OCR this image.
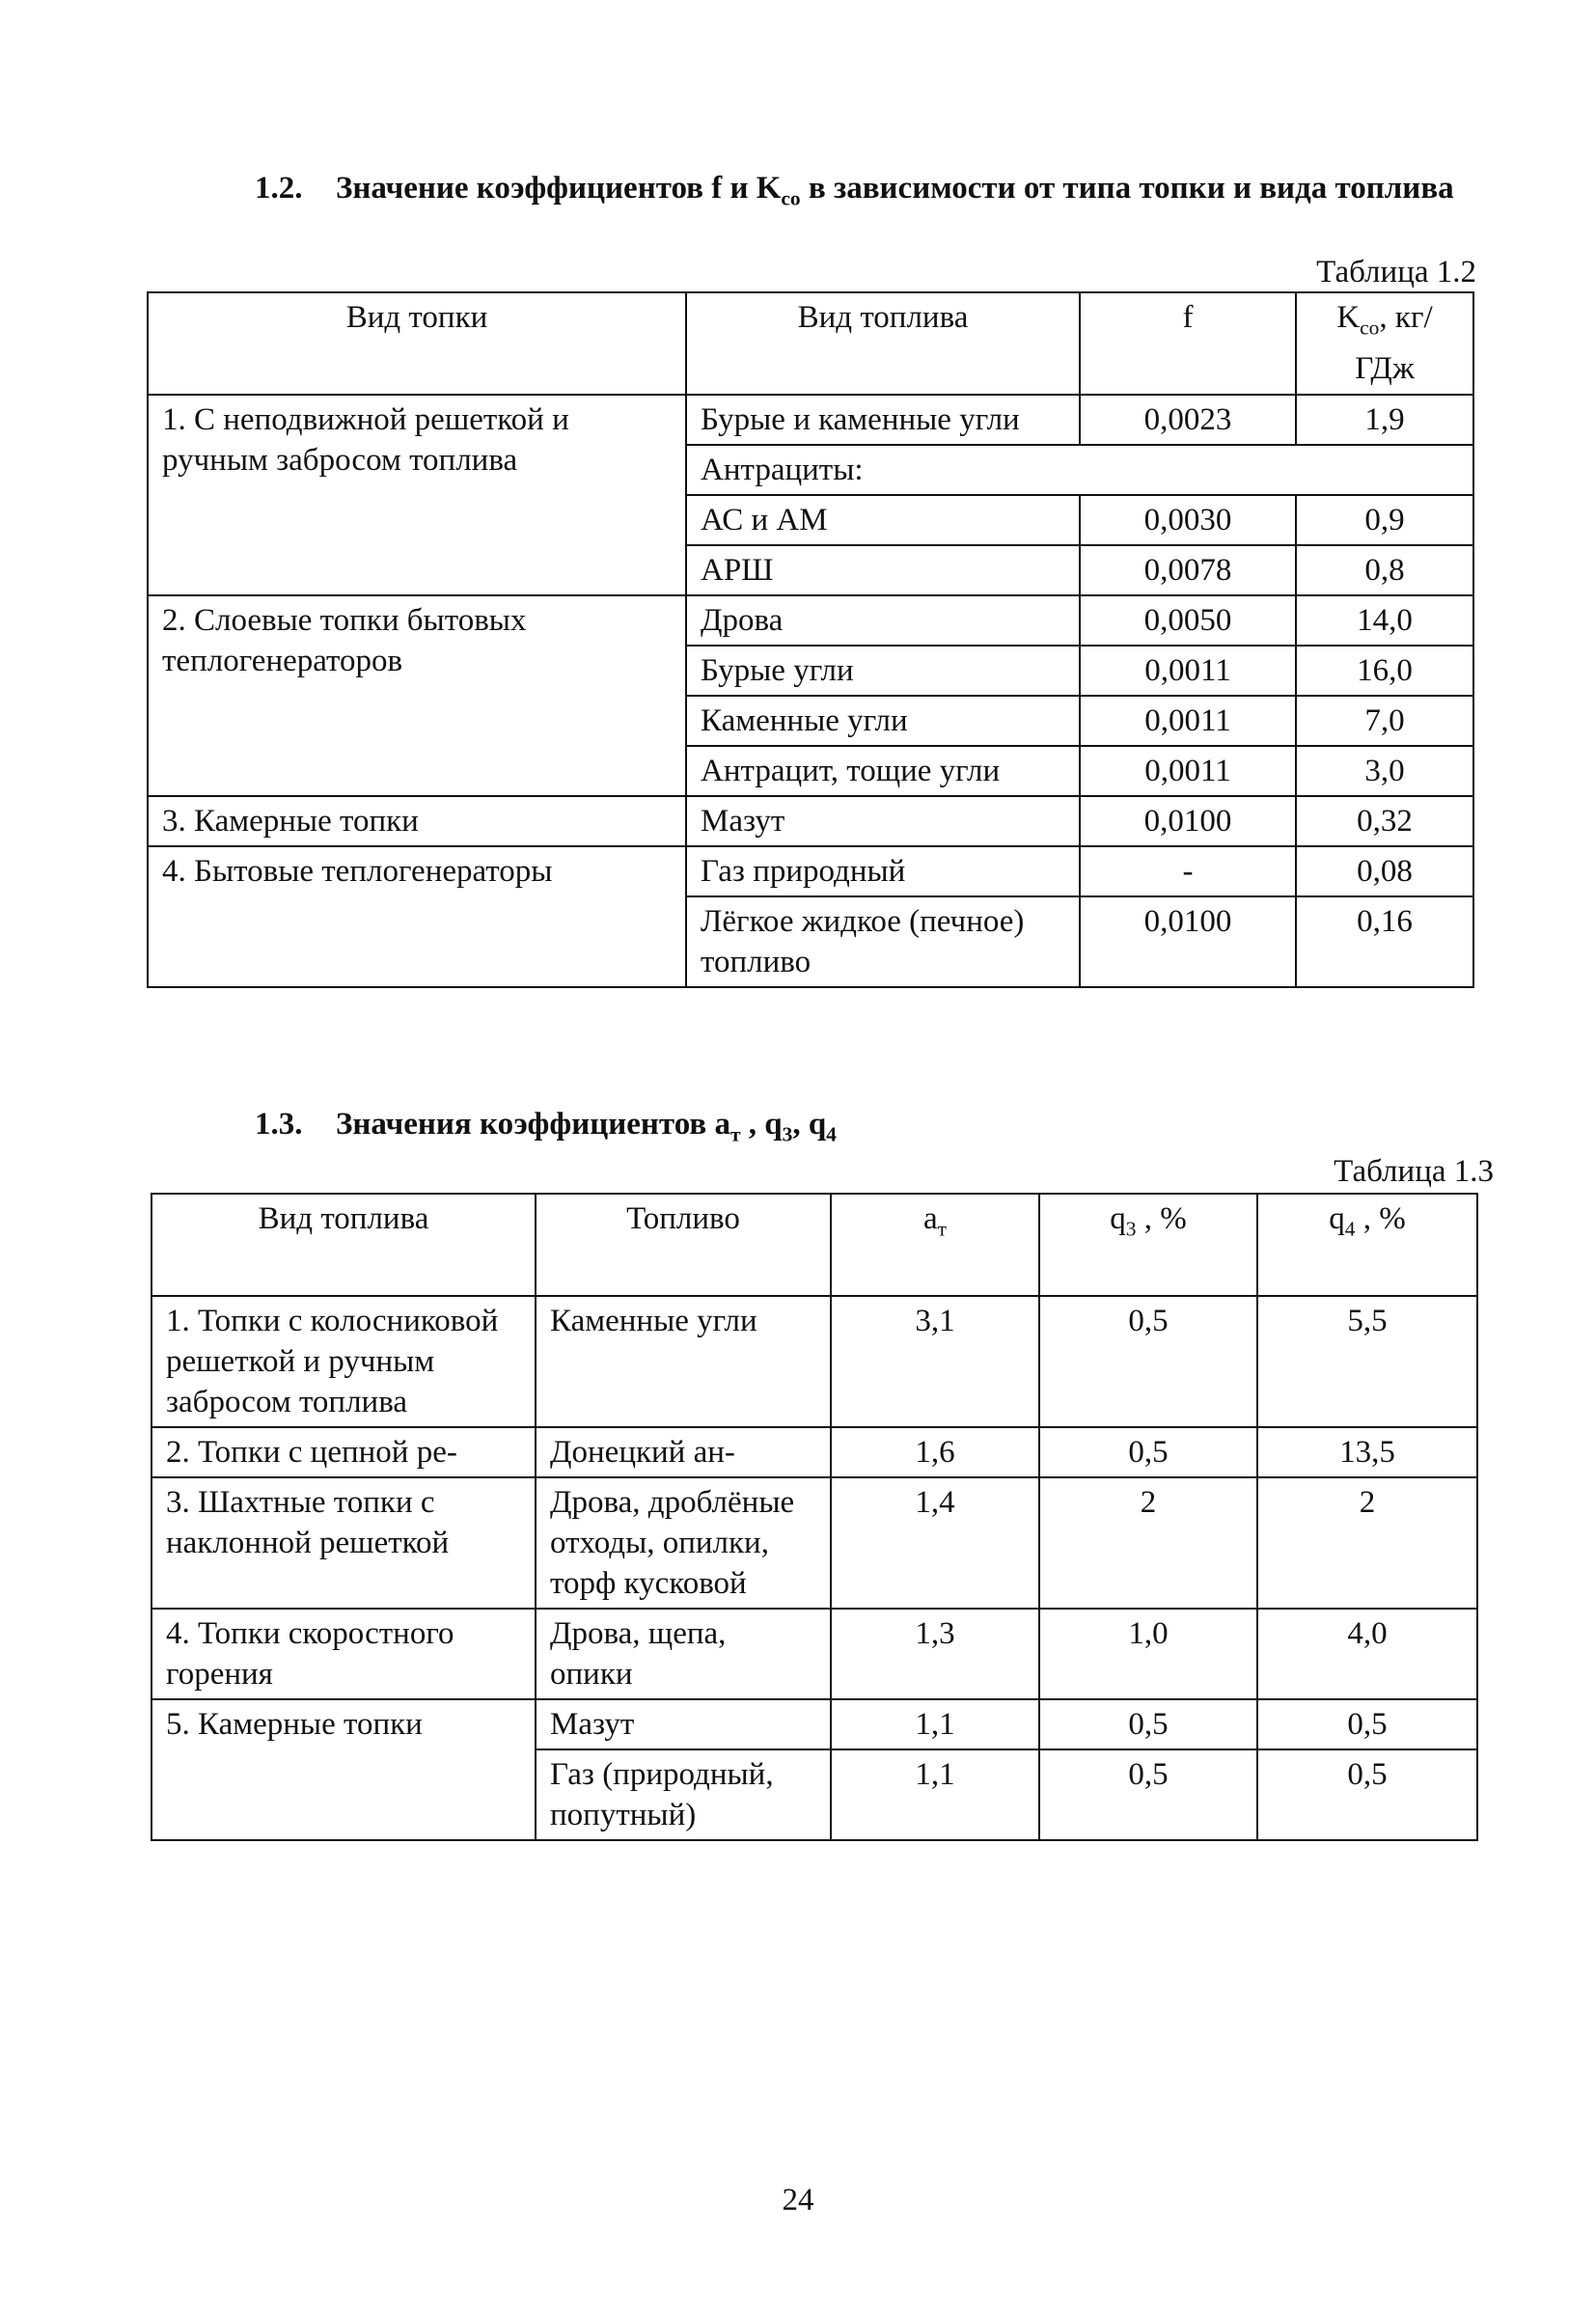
1.2. Значение коэффициентов f и $K_{co}$ в зависимости от типа топки и вида топлива

Таблица 1.2
Вид топки	Вид топлива	f	$K_{co}$, кг/ГДж
1. С неподвижной решеткой и ручным забросом топлива	Бурые и каменные угли	0,0023	1,9
	Антрациты:		
	АС и АМ	0,0030	0,9
	АРШ	0,0078	0,8
2. Слоевые топки бытовых теплогенераторов	Дрова	0,0050	14,0
	Бурые угли	0,0011	16,0
	Каменные угли	0,0011	7,0
	Антрацит, тощие угли	0,0011	3,0
3. Камерные топки	Мазут	0,0100	0,32
4. Бытовые теплогенераторы	Газ природный	-	0,08
	Лёгкое жидкое (печное) топливо	0,0100	0,16

1.3. Значения коэффициентов $a_т$ , $q_3$, $q_4$

Таблица 1.3
Вид топлива	Топливо	$a_т$	$q_3$ , %	$q_4$ , %
1. Топки с колосниковой решеткой и ручным забросом топлива	Каменные угли	3,1	0,5	5,5
2. Топки с цепной ре-	Донецкий ан-	1,6	0,5	13,5
3. Шахтные топки с наклонной решеткой	Дрова, дроблёные отходы, опилки, торф кусковой	1,4	2	2
4. Топки скоростного горения	Дрова, щепа, опики	1,3	1,0	4,0
5. Камерные топки	Мазут	1,1	0,5	0,5
	Газ (природный, попутный)	1,1	0,5	0,5
24
